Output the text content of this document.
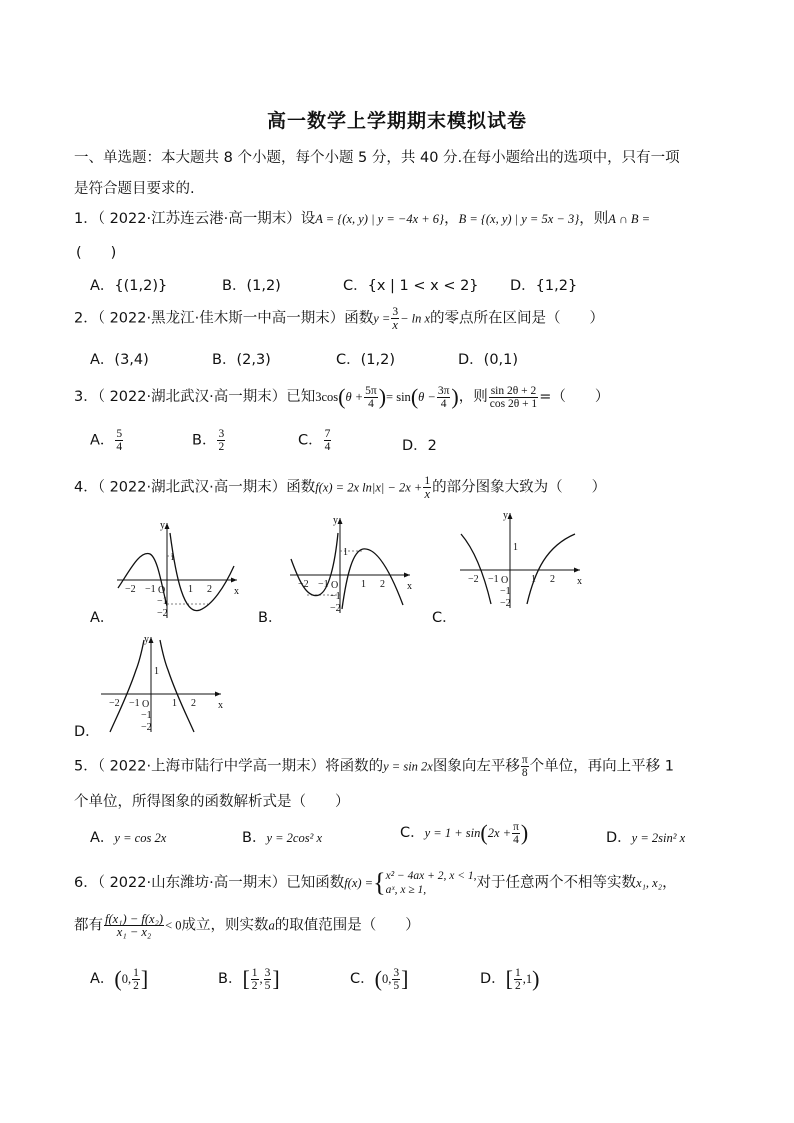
高一数学上学期期末模拟试卷
一、单选题：本大题共 8 个小题，每个小题 5 分，共 40 分.在每小题给出的选项中，只有一项
是符合题目要求的.
1．（ 2022·江苏连云港·高一期末）设A = {(x, y) | y = −4x + 6}，B = {(x, y) | y = 5x − 3}，则A ∩ B =
(　　)
A．{(1,2)}	B．(1,2)	C．{x | 1 < x < 2} D．{1,2}
2．（ 2022·黑龙江·佳木斯一中高一期末）函数$y = \frac{3}{x} - \ln x$的零点所在区间是（　　）
A．(3,4)	B．(2,3)	C．(1,2)	D．(0,1)
3．（ 2022·湖北武汉·高一期末）已知$3\cos(\theta + \frac{5\pi}{4}$ )= $\sin(\theta - \frac{3\pi}{4}$ )，则 $\frac{\sin 2\theta + 2}{\cos 2\theta + 1}$ =（　　）
A． $\frac{5}{4}$	B． $\frac{3}{2}$	C． $\frac{7}{4}$	D．2
4．（ 2022·湖北武汉·高一期末）函数f(x) = 2x $\ln|x| - 2x + \frac{1}{x}$ 的部分图象大致为（　　）
A．	B．	C．
D．
y
x
O
−2 −1	1 2
1
−1
−2
y
x
O
−2 −1	1 2
1
−1
−2
y
x
O
−2 −1	1 2
1
−1
−2
y
x
O
−2 −1	1 2
1
−1
−2
5．（ 2022·上海市陆行中学高一期末）将函数的y = sin 2x图象向左平移 $\frac{\pi}{8}$ 个单位，再向上平移 1
个单位，所得图象的函数解析式是（　　）
A．y = cos 2x	B．y = 2cos² x	C．$y = 1 + \sin(2x + \frac{\pi}{4}$ )	D．y = 2sin² x
6．（ 2022·山东潍坊·高一期末）已知函数f(x) ={ x² − 4ax + 2, x < 1,
aˣ, x ≥ 1,	对于任意两个不相等实数x₁, x₂，
都有 $\frac{\text{f(x₁) − f(x₂)}}{\text{x₁ − x₂}} < 0$成立，则实数a的取值范围是（　　）
A．(0, $\frac{1}{2}$ ]	B．[ $\frac{1}{2}$ , $\frac{3}{5}$ ]	C．(0, $\frac{3}{5}$ ]	D．[ $\frac{1}{2} ,1$)
